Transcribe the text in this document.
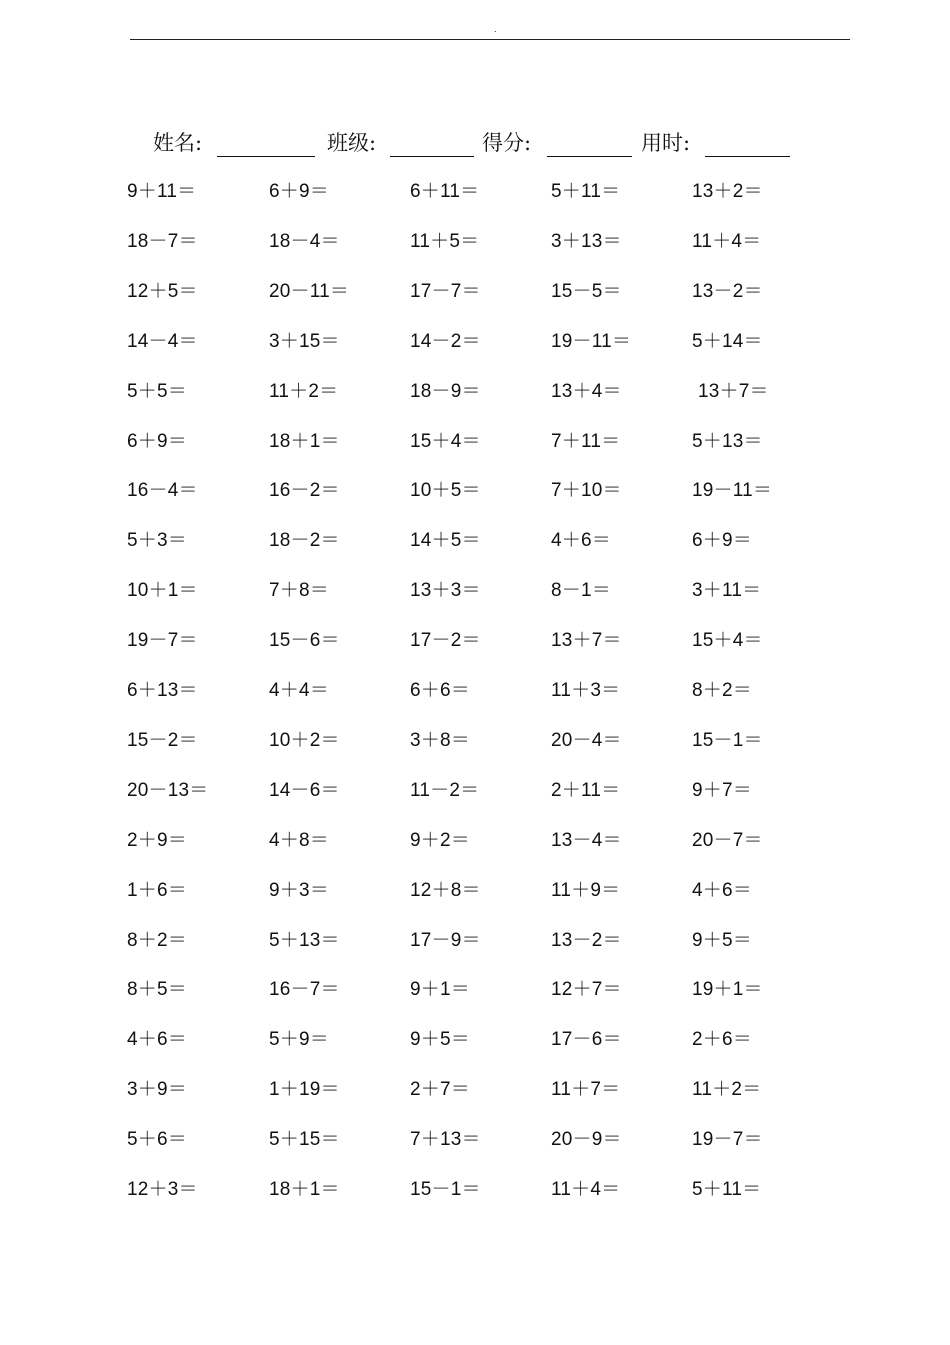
.
姓名:	班级:	得分:	用时:
9＋11＝	6＋9＝	6＋11＝	5＋11＝	13＋2＝
18－7＝	18－4＝	11＋5＝	3＋13＝	11＋4＝
12＋5＝	20－11＝	17－7＝	15－5＝	13－2＝
14－4＝	3＋15＝	14－2＝	19－11＝	5＋14＝
5＋5＝	11＋2＝	18－9＝	13＋4＝	13＋7＝
6＋9＝	18＋1＝	15＋4＝	7＋11＝	5＋13＝
16－4＝	16－2＝	10＋5＝	7＋10＝	19－11＝
5＋3＝	18－2＝	14＋5＝	4＋6＝	6＋9＝
10＋1＝	7＋8＝	13＋3＝	8－1＝	3＋11＝
19－7＝	15－6＝	17－2＝	13＋7＝	15＋4＝
6＋13＝	4＋4＝	6＋6＝	11＋3＝	8＋2＝
15－2＝	10＋2＝	3＋8＝	20－4＝	15－1＝
20－13＝	14－6＝	11－2＝	2＋11＝	9＋7＝
2＋9＝	4＋8＝	9＋2＝	13－4＝	20－7＝
1＋6＝	9＋3＝	12＋8＝	11＋9＝	4＋6＝
8＋2＝	5＋13＝	17－9＝	13－2＝	9＋5＝
8＋5＝	16－7＝	9＋1＝	12＋7＝	19＋1＝
4＋6＝	5＋9＝	9＋5＝	17－6＝	2＋6＝
3＋9＝	1＋19＝	2＋7＝	11＋7＝	11＋2＝
5＋6＝	5＋15＝	7＋13＝	20－9＝	19－7＝
12＋3＝	18＋1＝	15－1＝	11＋4＝	5＋11＝
